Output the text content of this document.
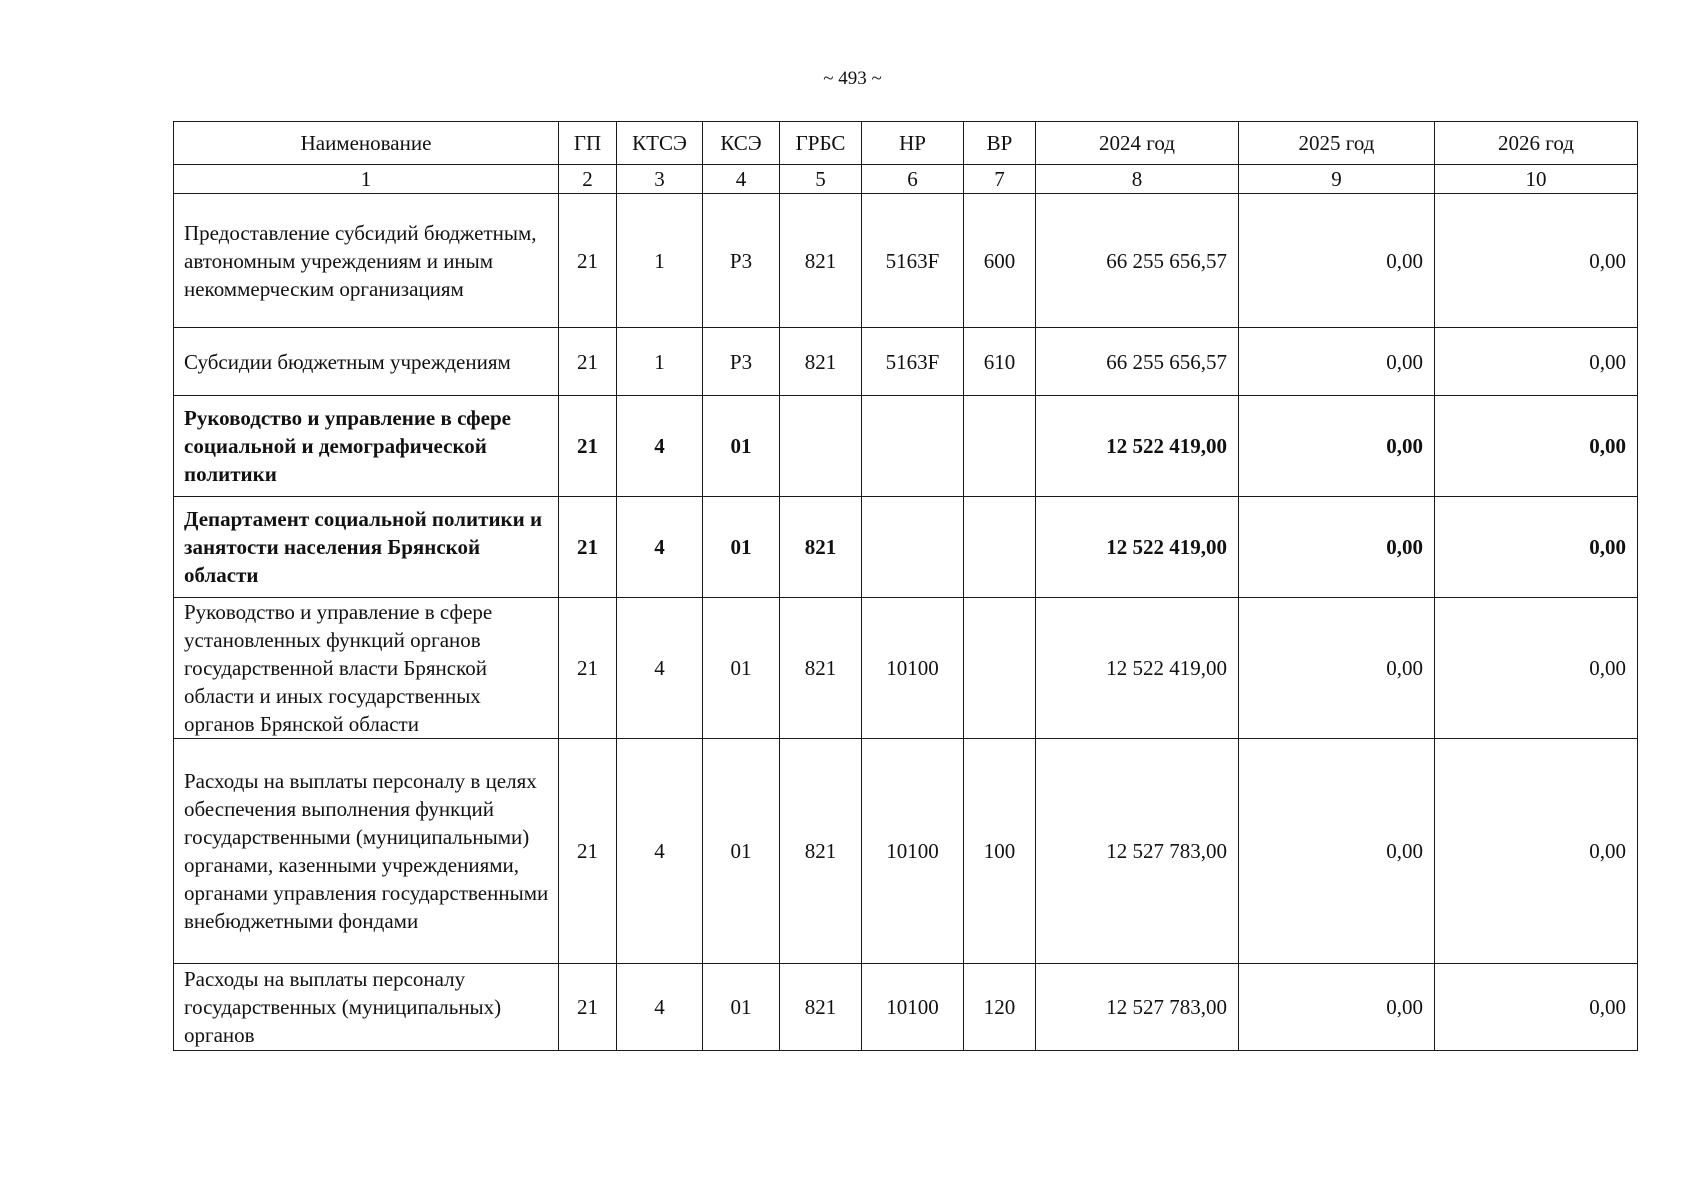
~ 493 ~
Наименование	ГП	КТСЭ	КСЭ	ГРБС	НР	ВР	2024 год	2025 год	2026 год
1	2	3	4	5	6	7	8	9	10
Предоставление субсидий бюджетным, автономным учреждениям и иным некоммерческим организациям	21	1	Р3	821	5163F	600	66 255 656,57	0,00	0,00
Субсидии бюджетным учреждениям	21	1	Р3	821	5163F	610	66 255 656,57	0,00	0,00
Руководство и управление в сфере социальной и демографической политики	21	4	01				12 522 419,00	0,00	0,00
Департамент социальной политики и занятости населения Брянской области	21	4	01	821			12 522 419,00	0,00	0,00
Руководство и управление в сфере установленных функций органов государственной власти Брянской области и иных государственных органов Брянской области	21	4	01	821	10100		12 522 419,00	0,00	0,00
Расходы на выплаты персоналу в целях обеспечения выполнения функций государственными (муниципальными) органами, казенными учреждениями, органами управления государственными внебюджетными фондами	21	4	01	821	10100	100	12 527 783,00	0,00	0,00
Расходы на выплаты персоналу государственных (муниципальных) органов	21	4	01	821	10100	120	12 527 783,00	0,00	0,00
